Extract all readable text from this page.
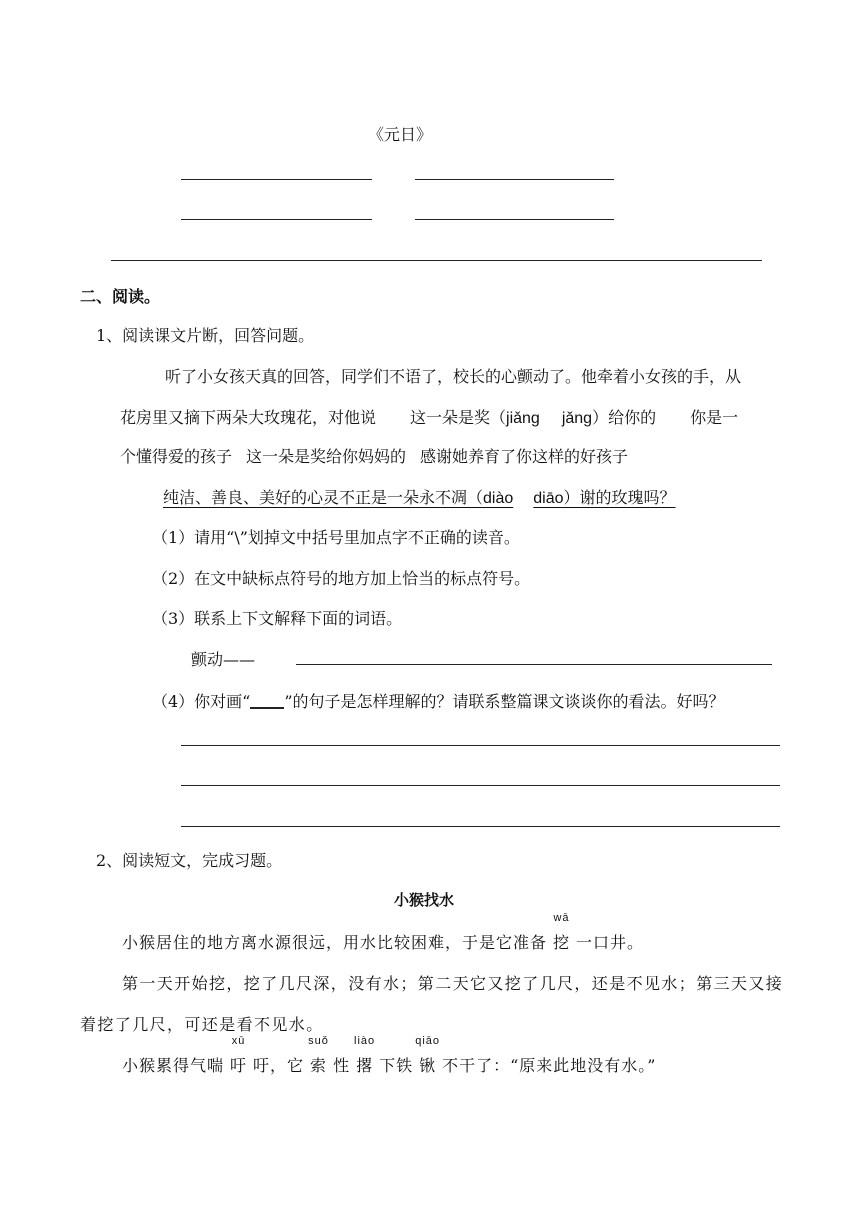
《元日》
二、阅读。
1、阅读课文片断，回答问题。
听了小女孩天真的回答，同学们不语了，校长的心颤动了。他牵着小女孩的手，从
花房里又摘下两朵大玫瑰花，对他说 这一朵是奖（jiǎng jǎng）给你的 你是一
个懂得爱的孩子 这一朵是奖给你妈妈的 感谢她养育了你这样的好孩子
纯洁、善良、美好的心灵不正是一朵永不凋（diào diāo）谢的玫瑰吗？
（1）请用“\”划掉文中括号里加点字不正确的读音。
（2）在文中缺标点符号的地方加上恰当的标点符号。
（3）联系上下文解释下面的词语。
颤动——
（4）你对画“ ”的句子是怎样理解的？请联系整篇课文谈谈你的看法。好吗？
2、阅读短文，完成习题。
小猴找水
小猴居住的地方离水源很远，用水比较困难，于是它准备
wā
挖 一口井。
第一天开始挖，挖了几尺深，没有水；第二天它又挖了几尺，还是不见水；第三天又接
着挖了几尺，可还是看不见水。
小猴累得气喘
xū
吁 吁，它
suǒ
索 性
liào
撂 下铁
qiāo
锹 不干了：“原来此地没有水。”
